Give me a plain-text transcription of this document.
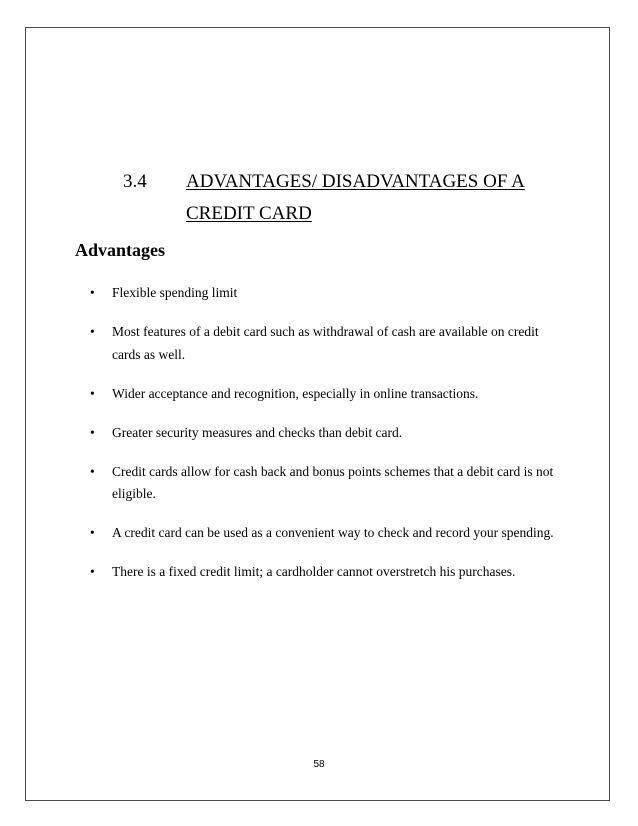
3.4 ADVANTAGES/ DISADVANTAGES OF A CREDIT CARD
Advantages
• Flexible spending limit
• Most features of a debit card such as withdrawal of cash are available on credit cards as well.
• Wider acceptance and recognition, especially in online transactions.
• Greater security measures and checks than debit card.
• Credit cards allow for cash back and bonus points schemes that a debit card is not eligible.
• A credit card can be used as a convenient way to check and record your spending.
• There is a fixed credit limit; a cardholder cannot overstretch his purchases.
58
